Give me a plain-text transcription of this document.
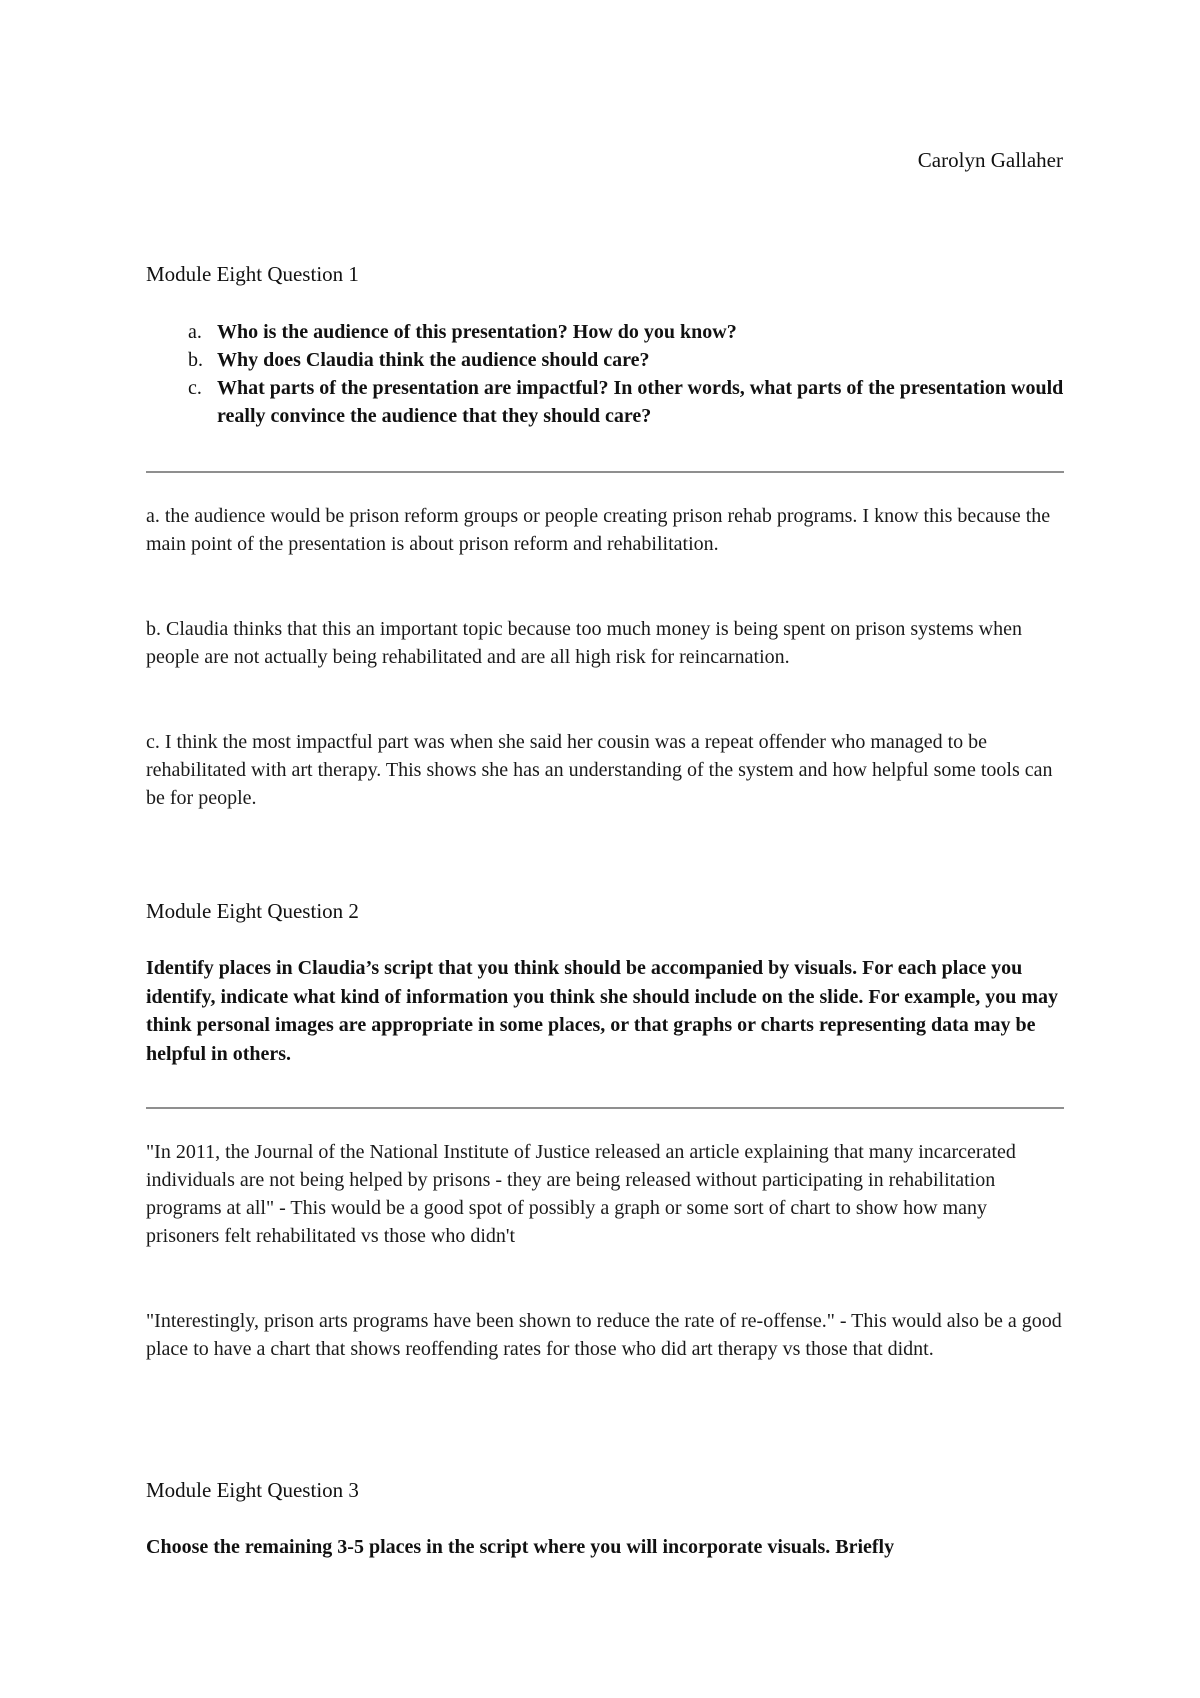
Carolyn Gallaher
Module Eight Question 1
a. Who is the audience of this presentation? How do you know?
b. Why does Claudia think the audience should care?
c. What parts of the presentation are impactful? In other words, what parts of the presentation would really convince the audience that they should care?

a. the audience would be prison reform groups or people creating prison rehab programs. I know this because the main point of the presentation is about prison reform and rehabilitation.

b. Claudia thinks that this an important topic because too much money is being spent on prison systems when people are not actually being rehabilitated and are all high risk for reincarnation.

c. I think the most impactful part was when she said her cousin was a repeat offender who managed to be rehabilitated with art therapy. This shows she has an understanding of the system and how helpful some tools can be for people.

Module Eight Question 2

Identify places in Claudia’s script that you think should be accompanied by visuals. For each place you identify, indicate what kind of information you think she should include on the slide. For example, you may think personal images are appropriate in some places, or that graphs or charts representing data may be helpful in others.

"In 2011, the Journal of the National Institute of Justice released an article explaining that many incarcerated individuals are not being helped by prisons - they are being released without participating in rehabilitation programs at all" - This would be a good spot of possibly a graph or some sort of chart to show how many prisoners felt rehabilitated vs those who didn't

"Interestingly, prison arts programs have been shown to reduce the rate of re-offense." - This would also be a good place to have a chart that shows reoffending rates for those who did art therapy vs those that didnt.

Module Eight Question 3

Choose the remaining 3-5 places in the script where you will incorporate visuals. Briefly
